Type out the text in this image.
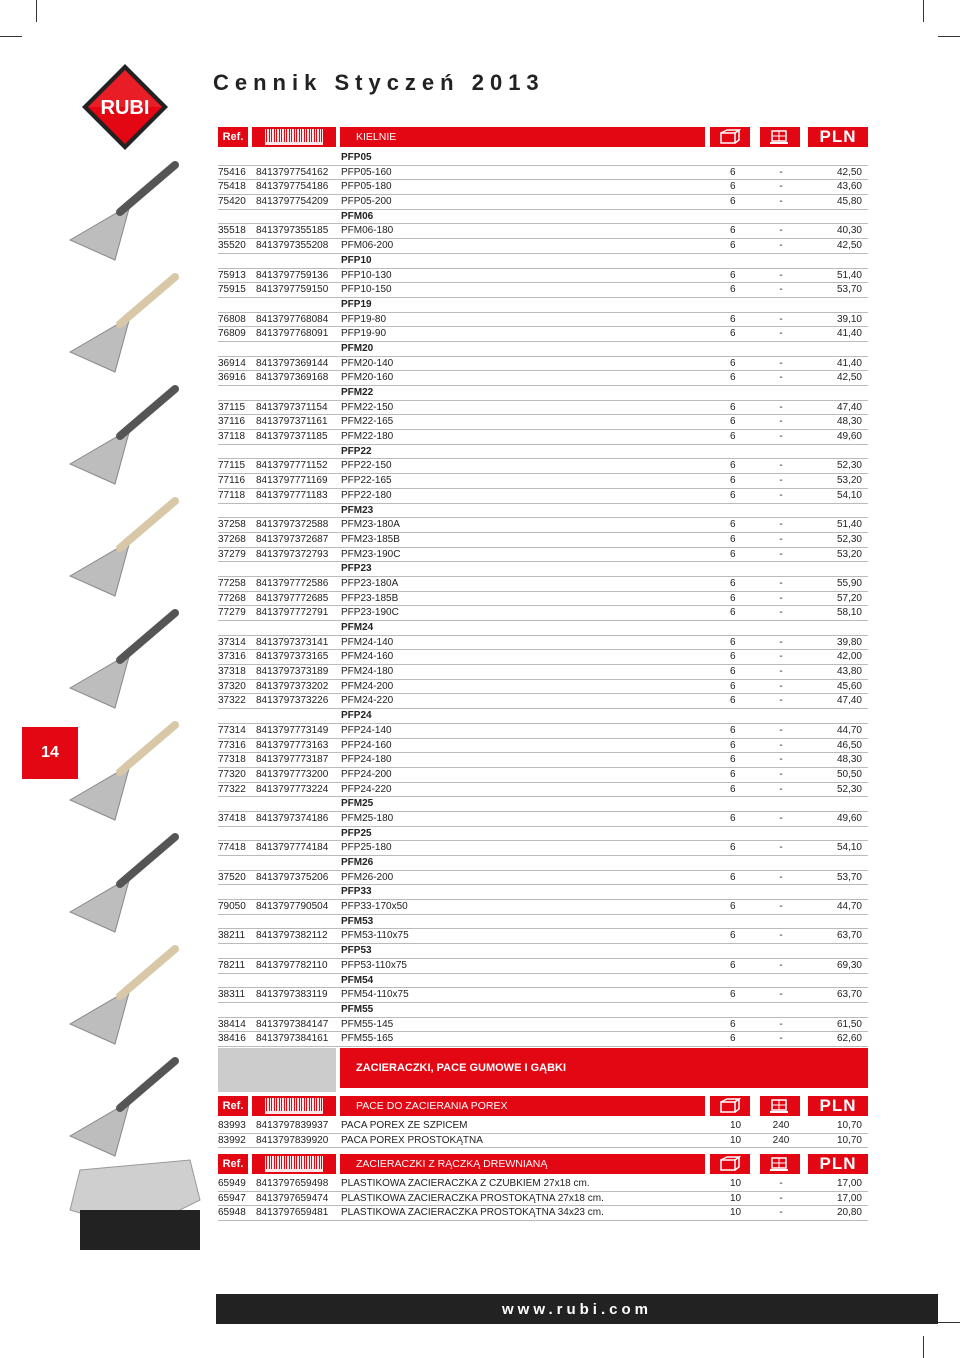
RUBI
Cennik Styczeń 2013
14
Ref.	KIELNIE	PLN
PFP05
75416 8413797754162 PFP05-160	6	-	42,50
75418 8413797754186 PFP05-180	6	-	43,60
75420 8413797754209 PFP05-200	6	-	45,80
PFM06
35518 8413797355185 PFM06-180	6	-	40,30
35520 8413797355208 PFM06-200	6	-	42,50
PFP10
75913 8413797759136 PFP10-130	6	-	51,40
75915 8413797759150 PFP10-150	6	-	53,70
PFP19
76808 8413797768084 PFP19-80	6	-	39,10
76809 8413797768091 PFP19-90	6	-	41,40
PFM20
36914 8413797369144 PFM20-140	6	-	41,40
36916 8413797369168 PFM20-160	6	-	42,50
PFM22
37115 8413797371154 PFM22-150	6	-	47,40
37116 8413797371161 PFM22-165	6	-	48,30
37118 8413797371185 PFM22-180	6	-	49,60
PFP22
77115 8413797771152 PFP22-150	6	-	52,30
77116 8413797771169 PFP22-165	6	-	53,20
77118 8413797771183 PFP22-180	6	-	54,10
PFM23
37258 8413797372588 PFM23-180A	6	-	51,40
37268 8413797372687 PFM23-185B	6	-	52,30
37279 8413797372793 PFM23-190C	6	-	53,20
PFP23
77258 8413797772586 PFP23-180A	6	-	55,90
77268 8413797772685 PFP23-185B	6	-	57,20
77279 8413797772791 PFP23-190C	6	-	58,10
PFM24
37314 8413797373141 PFM24-140	6	-	39,80
37316 8413797373165 PFM24-160	6	-	42,00
37318 8413797373189 PFM24-180	6	-	43,80
37320 8413797373202 PFM24-200	6	-	45,60
37322 8413797373226 PFM24-220	6	-	47,40
PFP24
77314 8413797773149 PFP24-140	6	-	44,70
77316 8413797773163 PFP24-160	6	-	46,50
77318 8413797773187 PFP24-180	6	-	48,30
77320 8413797773200 PFP24-200	6	-	50,50
77322 8413797773224 PFP24-220	6	-	52,30
PFM25
37418 8413797374186 PFM25-180	6	-	49,60
PFP25
77418 8413797774184 PFP25-180	6	-	54,10
PFM26
37520 8413797375206 PFM26-200	6	-	53,70
PFP33
79050 8413797790504 PFP33-170x50	6	-	44,70
PFM53
38211 8413797382112 PFM53-110x75	6	-	63,70
PFP53
78211 8413797782110 PFP53-110x75	6	-	69,30
PFM54
38311 8413797383119 PFM54-110x75	6	-	63,70
PFM55
38414 8413797384147 PFM55-145	6	-	61,50
38416 8413797384161 PFM55-165	6	-	62,60
ZACIERACZKI, PACE GUMOWE I GĄBKI
Ref.	PACE DO ZACIERANIA POREX	PLN
83993 8413797839937 PACA POREX ZE SZPICEM	10	240	10,70
83992 8413797839920 PACA POREX PROSTOKĄTNA	10	240	10,70
Ref.	ZACIERACZKI Z RĄCZKĄ DREWNIANĄ	PLN
65949 8413797659498 PLASTIKOWA ZACIERACZKA Z CZUBKIEM 27x18 cm.	10	-	17,00
65947 8413797659474 PLASTIKOWA ZACIERACZKA PROSTOKĄTNA 27x18 cm.	10	-	17,00
65948 8413797659481 PLASTIKOWA ZACIERACZKA PROSTOKĄTNA 34x23 cm.	10	-	20,80
www.rubi.com
